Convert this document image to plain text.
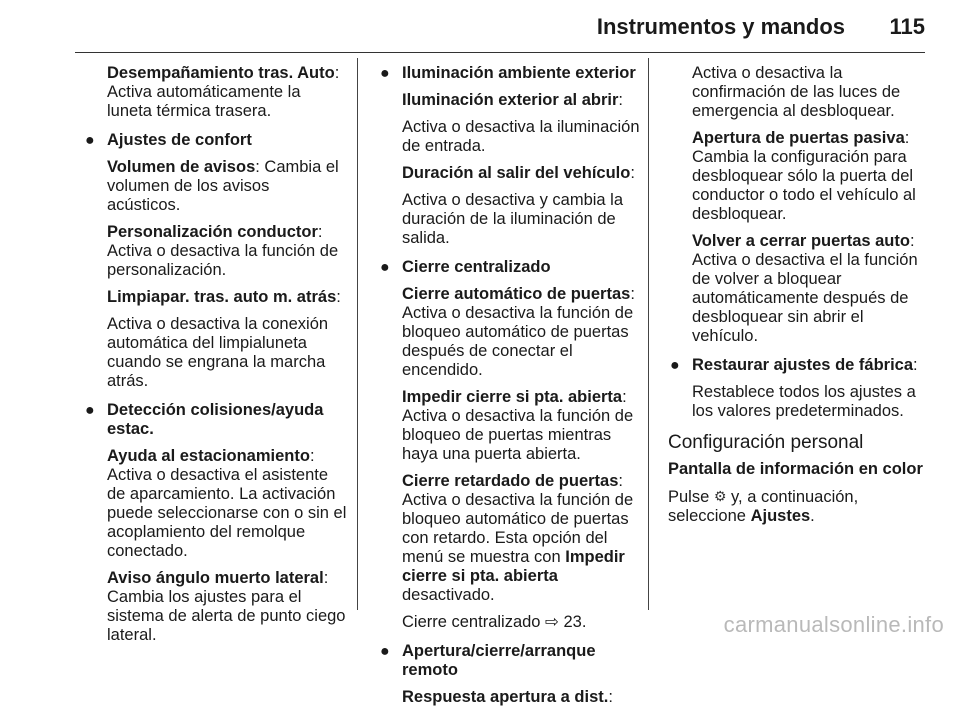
Instrumentos y mandos 115
Desempañamiento tras. Auto: Activa automáticamente la luneta térmica trasera.
● Ajustes de confort
Volumen de avisos: Cambia el volumen de los avisos acústicos.
Personalización conductor: Activa o desactiva la función de personalización.
Limpiapar. tras. auto m. atrás:
Activa o desactiva la conexión automática del limpialuneta cuando se engrana la marcha atrás.
● Detección colisiones/ayuda estac.
Ayuda al estacionamiento: Activa o desactiva el asistente de aparcamiento. La activación puede seleccionarse con o sin el acoplamiento del remolque conectado.
Aviso ángulo muerto lateral: Cambia los ajustes para el sistema de alerta de punto ciego lateral.
● Iluminación ambiente exterior
Iluminación exterior al abrir:
Activa o desactiva la iluminación de entrada.
Duración al salir del vehículo:
Activa o desactiva y cambia la duración de la iluminación de salida.
● Cierre centralizado
Cierre automático de puertas: Activa o desactiva la función de bloqueo automático de puertas después de conectar el encendido.
Impedir cierre si pta. abierta: Activa o desactiva la función de bloqueo de puertas mientras haya una puerta abierta.
Cierre retardado de puertas: Activa o desactiva la función de bloqueo automático de puertas con retardo. Esta opción del menú se muestra con Impedir cierre si pta. abierta desactivado.
Cierre centralizado ⇨ 23.
● Apertura/cierre/arranque remoto
Respuesta apertura a dist.:
Activa o desactiva la confirmación de las luces de emergencia al desbloquear.
Apertura de puertas pasiva: Cambia la configuración para desbloquear sólo la puerta del conductor o todo el vehículo al desbloquear.
Volver a cerrar puertas auto: Activa o desactiva el la función de volver a bloquear automáticamente después de desbloquear sin abrir el vehículo.
● Restaurar ajustes de fábrica:
Restablece todos los ajustes a los valores predeterminados.
Configuración personal
Pantalla de información en color

Pulse ⚙ y, a continuación, seleccione Ajustes.

carmanualsonline.info
